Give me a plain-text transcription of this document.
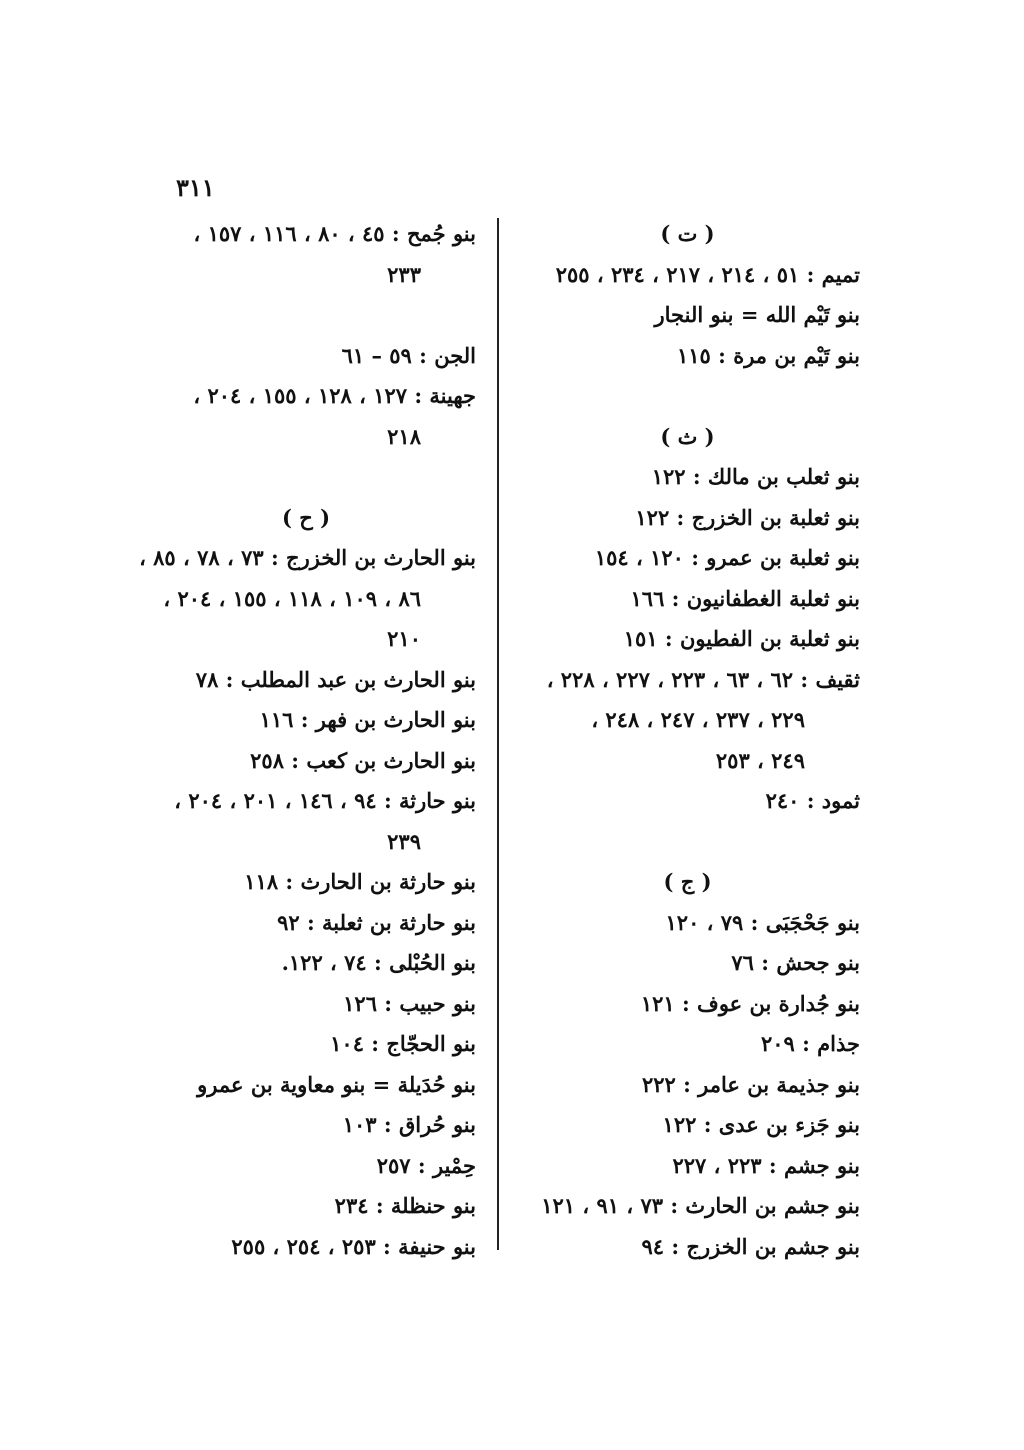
٣١١
( ت )
تميم : ٥١ ، ٢١٤ ، ٢١٧ ، ٢٣٤ ، ٢٥٥
بنو تَيْم الله = بنو النجار
بنو تَيْم بن مرة : ١١٥
( ث )
بنو ثعلب بن مالك : ١٢٢
بنو ثعلبة بن الخزرج : ١٢٢
بنو ثعلبة بن عمرو : ١٢٠ ، ١٥٤
بنو ثعلبة الغطفانيون : ١٦٦
بنو ثعلبة بن الفطيون : ١٥١
ثقيف : ٦٢ ، ٦٣ ، ٢٢٣ ، ٢٢٧ ، ٢٢٨ ،
٢٢٩ ، ٢٣٧ ، ٢٤٧ ، ٢٤٨ ،
٢٤٩ ، ٢٥٣
ثمود : ٢٤٠
( ج )
بنو جَحْجَبَى : ٧٩ ، ١٢٠
بنو جحش : ٧٦
بنو جُدارة بن عوف : ١٢١
جذام : ٢٠٩
بنو جذيمة بن عامر : ٢٢٢
بنو جَزء بن عدى : ١٢٢
بنو جشم : ٢٢٣ ، ٢٢٧
بنو جشم بن الحارث : ٧٣ ، ٩١ ، ١٢١
بنو جشم بن الخزرج : ٩٤
بنو جُمح : ٤٥ ، ٨٠ ، ١١٦ ، ١٥٧ ،
٢٣٣
الجن : ٥٩ – ٦١
جهينة : ١٢٧ ، ١٢٨ ، ١٥٥ ، ٢٠٤ ،
٢١٨
( ح )
بنو الحارث بن الخزرج : ٧٣ ، ٧٨ ، ٨٥ ،
٨٦ ، ١٠٩ ، ١١٨ ، ١٥٥ ، ٢٠٤ ،
٢١٠
بنو الحارث بن عبد المطلب : ٧٨
بنو الحارث بن فهر : ١١٦
بنو الحارث بن كعب : ٢٥٨
بنو حارثة : ٩٤ ، ١٤٦ ، ٢٠١ ، ٢٠٤ ،
٢٣٩
بنو حارثة بن الحارث : ١١٨
بنو حارثة بن ثعلبة : ٩٢
بنو الحُبْلى : ٧٤ ، ١٢٢.
بنو حبيب : ١٢٦
بنو الحجّاج : ١٠٤
بنو حُدَيلة = بنو معاوية بن عمرو
بنو حُراق : ١٠٣
حِمْير : ٢٥٧
بنو حنظلة : ٢٣٤
بنو حنيفة : ٢٥٣ ، ٢٥٤ ، ٢٥٥
